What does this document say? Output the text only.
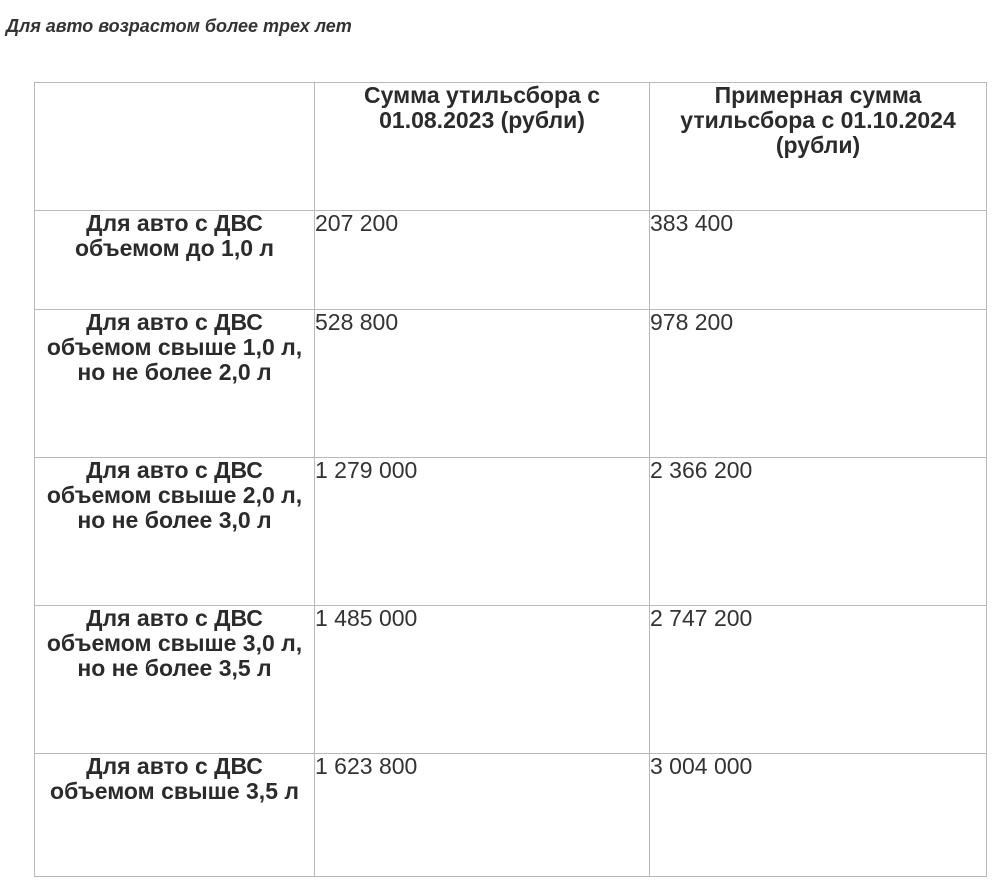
Для авто возрастом более трех лет
	Сумма утильсбора с 01.08.2023 (рубли)	Примерная сумма утильсбора с 01.10.2024 (рубли)
Для авто с ДВС объемом до 1,0 л	207 200	383 400
Для авто с ДВС объемом свыше 1,0 л, но не более 2,0 л	528 800	978 200
Для авто с ДВС объемом свыше 2,0 л, но не более 3,0 л	1 279 000	2 366 200
Для авто с ДВС объемом свыше 3,0 л, но не более 3,5 л	1 485 000	2 747 200
Для авто с ДВС объемом свыше 3,5 л	1 623 800	3 004 000
